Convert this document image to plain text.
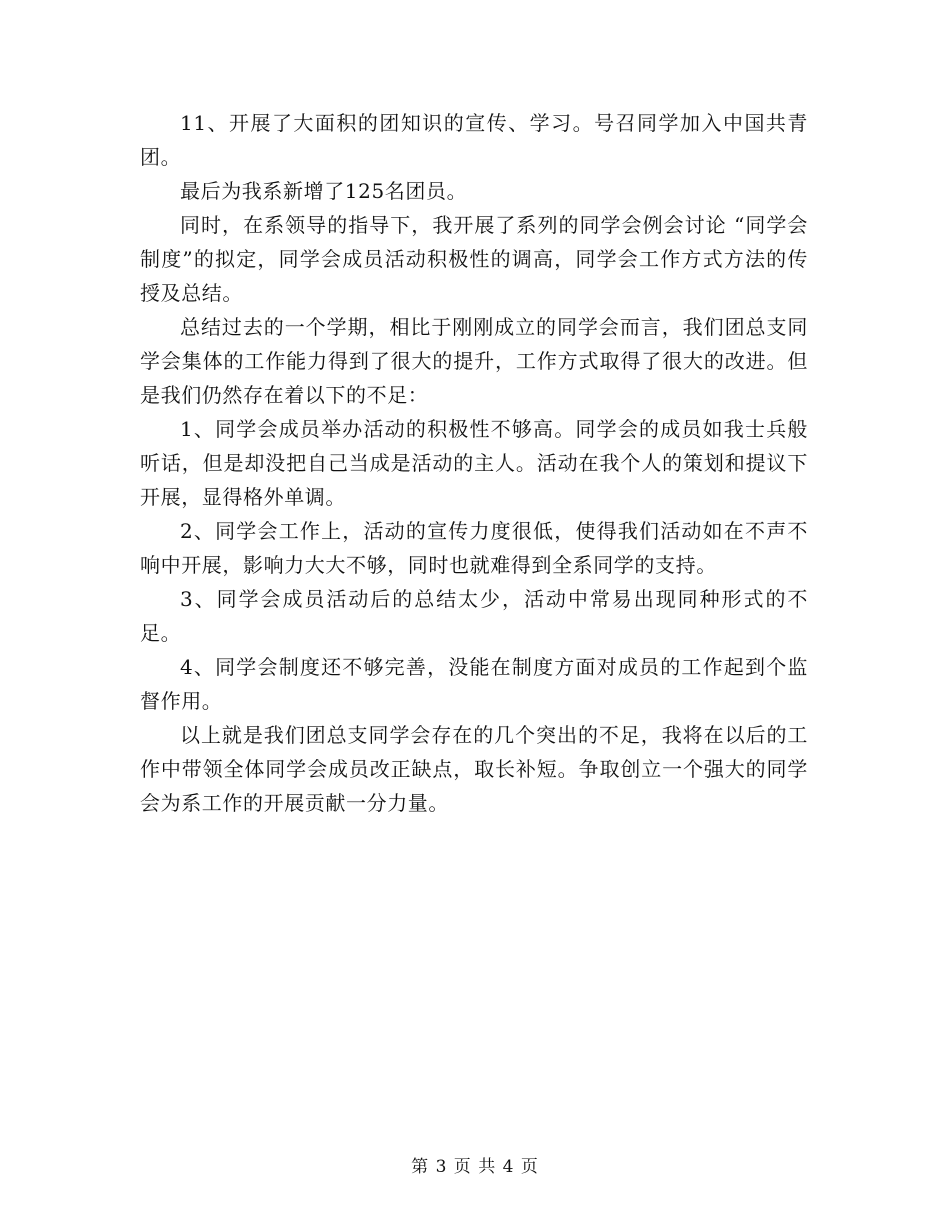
11、开展了大面积的团知识的宣传、学习。号召同学加入中国共青团。

最后为我系新增了125名团员。

同时，在系领导的指导下，我开展了系列的同学会例会讨论 “同学会制度”的拟定，同学会成员活动积极性的调高，同学会工作方式方法的传授及总结。

总结过去的一个学期，相比于刚刚成立的同学会而言，我们团总支同学会集体的工作能力得到了很大的提升，工作方式取得了很大的改进。但是我们仍然存在着以下的不足：

1、同学会成员举办活动的积极性不够高。同学会的成员如我士兵般听话，但是却没把自己当成是活动的主人。活动在我个人的策划和提议下开展，显得格外单调。

2、同学会工作上，活动的宣传力度很低，使得我们活动如在不声不响中开展，影响力大大不够，同时也就难得到全系同学的支持。

3、同学会成员活动后的总结太少，活动中常易出现同种形式的不足。

4、同学会制度还不够完善，没能在制度方面对成员的工作起到个监督作用。

以上就是我们团总支同学会存在的几个突出的不足，我将在以后的工作中带领全体同学会成员改正缺点，取长补短。争取创立一个强大的同学会为系工作的开展贡献一分力量。

第 3 页 共 4 页
